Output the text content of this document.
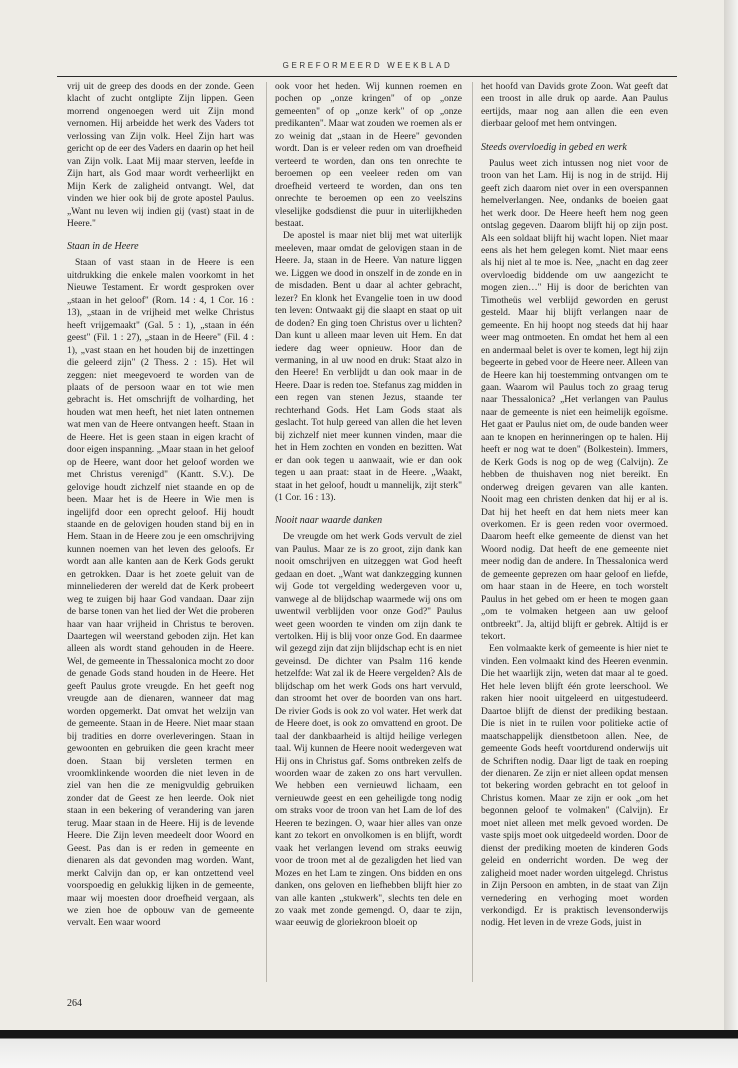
GEREFORMEERD WEEKBLAD

vrij uit de greep des doods en der zonde. Geen klacht of zucht ontglipte Zijn lippen. Geen morrend ongenoegen werd uit Zijn mond vernomen. Hij arbeidde het werk des Vaders tot verlossing van Zijn volk. Heel Zijn hart was gericht op de eer des Vaders en daarin op het heil van Zijn volk. Laat Mij maar sterven, leefde in Zijn hart, als God maar wordt verheerlijkt en Mijn Kerk de zaligheid ontvangt. Wel, dat vinden we hier ook bij de grote apostel Paulus. „Want nu leven wij indien gij (vast) staat in de Heere."

Staan in de Heere

Staan of vast staan in de Heere is een uitdrukking die enkele malen voorkomt in het Nieuwe Testament. Er wordt gesproken over „staan in het geloof" (Rom. 14 : 4, 1 Cor. 16 : 13), „staan in de vrijheid met welke Christus heeft vrijgemaakt" (Gal. 5 : 1), „staan in één geest" (Fil. 1 : 27), „staan in de Heere" (Fil. 4 : 1), „vast staan en het houden bij de inzettingen die geleerd zijn" (2 Thess. 2 : 15). Het wil zeggen: niet meegevoerd te worden van de plaats of de persoon waar en tot wie men gebracht is. Het omschrijft de volharding, het houden wat men heeft, het niet laten ontnemen wat men van de Heere ontvangen heeft. Staan in de Heere. Het is geen staan in eigen kracht of door eigen inspanning. „Maar staan in het geloof op de Heere, want door het geloof worden we met Christus verenigd" (Kantt. S.V.). De gelovige houdt zichzelf niet staande en op de been. Maar het is de Heere in Wie men is ingelijfd door een oprecht geloof. Hij houdt staande en de gelovigen houden stand bij en in Hem. Staan in de Heere zou je een omschrijving kunnen noemen van het leven des geloofs. Er wordt aan alle kanten aan de Kerk Gods gerukt en getrokken. Daar is het zoete geluit van de minneliederen der wereld dat de Kerk probeert weg te zuigen bij haar God vandaan. Daar zijn de barse tonen van het lied der Wet die proberen haar van haar vrijheid in Christus te beroven. Daartegen wil weerstand geboden zijn. Het kan alleen als wordt stand gehouden in de Heere. Wel, de gemeente in Thessalonica mocht zo door de genade Gods stand houden in de Heere. Het geeft Paulus grote vreugde. En het geeft nog vreugde aan de dienaren, wanneer dat mag worden opgemerkt. Dat omvat het welzijn van de gemeente. Staan in de Heere. Niet maar staan bij tradities en dorre overleveringen. Staan in gewoonten en gebruiken die geen kracht meer doen. Staan bij versleten termen en vroomklinkende woorden die niet leven in de ziel van hen die ze menigvuldig gebruiken zonder dat de Geest ze hen leerde. Ook niet staan in een bekering of verandering van jaren terug. Maar staan in de Heere. Hij is de levende Heere. Die Zijn leven meedeelt door Woord en Geest. Pas dan is er reden in gemeente en dienaren als dat gevonden mag worden. Want, merkt Calvijn dan op, er kan ontzettend veel voorspoedig en gelukkig lijken in de gemeente, maar wij moesten door droefheid vergaan, als we zien hoe de opbouw van de gemeente vervalt. Een waar woord

ook voor het heden. Wij kunnen roemen en pochen op „onze kringen" of op „onze gemeenten" of op „onze kerk" of op „onze predikanten". Maar wat zouden we roemen als er zo weinig dat „staan in de Heere" gevonden wordt. Dan is er veleer reden om van droefheid verteerd te worden, dan ons ten onrechte te beroemen op een veeleer reden om van droefheid verteerd te worden, dan ons ten onrechte te beroemen op een zo veelszins vleselijke godsdienst die puur in uiterlijkheden bestaat.

De apostel is maar niet blij met wat uiterlijk meeleven, maar omdat de gelovigen staan in de Heere. Ja, staan in de Heere. Van nature liggen we. Liggen we dood in onszelf in de zonde en in de misdaden. Bent u daar al achter gebracht, lezer? En klonk het Evangelie toen in uw dood ten leven: Ontwaakt gij die slaapt en staat op uit de doden? En ging toen Christus over u lichten? Dan kunt u alleen maar leven uit Hem. En dat iedere dag weer opnieuw. Hoor dan de vermaning, in al uw nood en druk: Staat alzo in den Heere! En verblijdt u dan ook maar in de Heere. Daar is reden toe. Stefanus zag midden in een regen van stenen Jezus, staande ter rechterhand Gods. Het Lam Gods staat als geslacht. Tot hulp gereed van allen die het leven bij zichzelf niet meer kunnen vinden, maar die het in Hem zochten en vonden en bezitten. Wat er dan ook tegen u aanwaait, wie er dan ook tegen u aan praat: staat in de Heere. „Waakt, staat in het geloof, houdt u mannelijk, zijt sterk" (1 Cor. 16 : 13).

Nooit naar waarde danken

De vreugde om het werk Gods vervult de ziel van Paulus. Maar ze is zo groot, zijn dank kan nooit omschrijven en uitzeggen wat God heeft gedaan en doet. „Want wat dankzegging kunnen wij Gode tot vergelding wedergeven voor u, vanwege al de blijdschap waarmede wij ons om uwentwil verblijden voor onze God?" Paulus weet geen woorden te vinden om zijn dank te vertolken. Hij is blij voor onze God. En daarmee wil gezegd zijn dat zijn blijdschap echt is en niet geveinsd. De dichter van Psalm 116 kende hetzelfde: Wat zal ik de Heere vergelden? Als de blijdschap om het werk Gods ons hart vervuld, dan stroomt het over de boorden van ons hart. De rivier Gods is ook zo vol water. Het werk dat de Heere doet, is ook zo omvattend en groot. De taal der dankbaarheid is altijd heilige verlegen taal. Wij kunnen de Heere nooit wedergeven wat Hij ons in Christus gaf. Soms ontbreken zelfs de woorden waar de zaken zo ons hart vervullen. We hebben een vernieuwd lichaam, een vernieuwde geest en een geheiligde tong nodig om straks voor de troon van het Lam de lof des Heeren te bezingen. O, waar hier alles van onze kant zo tekort en onvolkomen is en blijft, wordt vaak het verlangen levend om straks eeuwig voor de troon met al de gezaligden het lied van Mozes en het Lam te zingen. Ons bidden en ons danken, ons geloven en liefhebben blijft hier zo van alle kanten „stukwerk", slechts ten dele en zo vaak met zonde gemengd. O, daar te zijn, waar eeuwig de gloriekroon bloeit op

het hoofd van Davids grote Zoon. Wat geeft dat een troost in alle druk op aarde. Aan Paulus eertijds, maar nog aan allen die een even dierbaar geloof met hem ontvingen.

Steeds overvloedig in gebed en werk

Paulus weet zich intussen nog niet voor de troon van het Lam. Hij is nog in de strijd. Hij geeft zich daarom niet over in een overspannen hemelverlangen. Nee, ondanks de boeien gaat het werk door. De Heere heeft hem nog geen ontslag gegeven. Daarom blijft hij op zijn post. Als een soldaat blijft hij wacht lopen. Niet maar eens als het hem gelegen komt. Niet maar eens als hij niet al te moe is. Nee, „nacht en dag zeer overvloedig biddende om uw aangezicht te mogen zien…" Hij is door de berichten van Timotheüs wel verblijd geworden en gerust gesteld. Maar hij blijft verlangen naar de gemeente. En hij hoopt nog steeds dat hij haar weer mag ontmoeten. En omdat het hem al een en andermaal belet is over te komen, legt hij zijn begeerte in gebed voor de Heere neer. Alleen van de Heere kan hij toestemming ontvangen om te gaan. Waarom wil Paulus toch zo graag terug naar Thessalonica? „Het verlangen van Paulus naar de gemeente is niet een heimelijk egoïsme. Het gaat er Paulus niet om, de oude banden weer aan te knopen en herinneringen op te halen. Hij heeft er nog wat te doen" (Bolkestein). Immers, de Kerk Gods is nog op de weg (Calvijn). Ze hebben de thuishaven nog niet bereikt. En onderweg dreigen gevaren van alle kanten. Nooit mag een christen denken dat hij er al is. Dat hij het heeft en dat hem niets meer kan overkomen. Er is geen reden voor overmoed. Daarom heeft elke gemeente de dienst van het Woord nodig. Dat heeft de ene gemeente niet meer nodig dan de andere. In Thessalonica werd de gemeente geprezen om haar geloof en liefde, om haar staan in de Heere, en toch worstelt Paulus in het gebed om er heen te mogen gaan „om te volmaken hetgeen aan uw geloof ontbreekt". Ja, altijd blijft er gebrek. Altijd is er tekort.

Een volmaakte kerk of gemeente is hier niet te vinden. Een volmaakt kind des Heeren evenmin. Die het waarlijk zijn, weten dat maar al te goed. Het hele leven blijft één grote leerschool. We raken hier nooit uitgeleerd en uitgestudeerd. Daartoe blijft de dienst der prediking bestaan. Die is niet in te ruilen voor politieke actie of maatschappelijk dienstbetoon allen. Nee, de gemeente Gods heeft voortdurend onderwijs uit de Schriften nodig. Daar ligt de taak en roeping der dienaren. Ze zijn er niet alleen opdat mensen tot bekering worden gebracht en tot geloof in Christus komen. Maar ze zijn er ook „om het begonnen geloof te volmaken" (Calvijn). Er moet niet alleen met melk gevoed worden. De vaste spijs moet ook uitgedeeld worden. Door de dienst der prediking moeten de kinderen Gods geleid en onderricht worden. De weg der zaligheid moet nader worden uitgelegd. Christus in Zijn Persoon en ambten, in de staat van Zijn vernedering en verhoging moet worden verkondigd. Er is praktisch levensonderwijs nodig. Het leven in de vreze Gods, juist in

264
